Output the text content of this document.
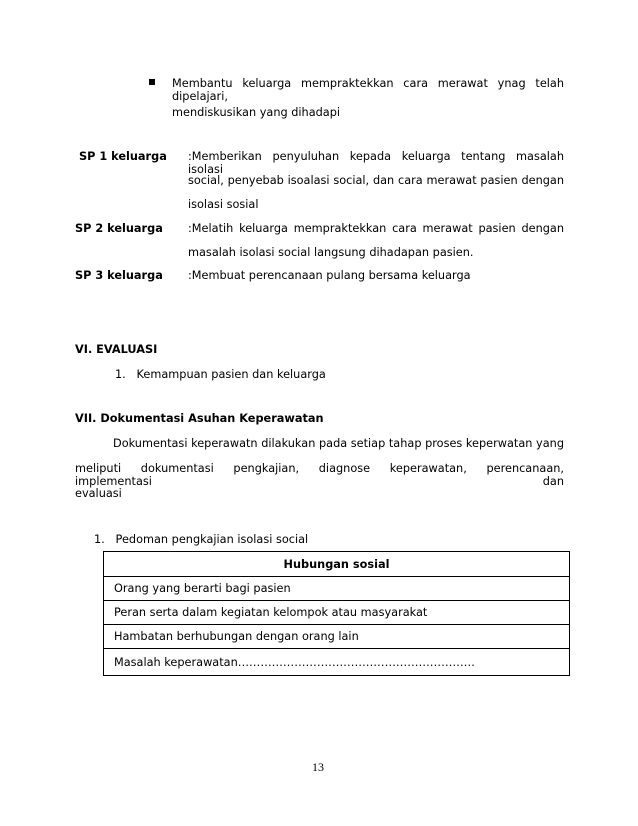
Membantu keluarga mempraktekkan cara merawat ynag telah dipelajari,
mendiskusikan yang dihadapi
SP 1 keluarga :Memberikan penyuluhan kepada keluarga tentang masalah isolasi
social, penyebab isoalasi social, dan cara merawat pasien dengan
isolasi sosial
SP 2 keluarga :Melatih keluarga mempraktekkan cara merawat pasien dengan
masalah isolasi social langsung dihadapan pasien.
SP 3 keluarga :Membuat perencanaan pulang bersama keluarga
VI. EVALUASI
1.   Kemampuan pasien dan keluarga
VII. Dokumentasi Asuhan Keperawatan
Dokumentasi keperawatn dilakukan pada setiap tahap proses keperwatan yang
meliputi dokumentasi pengkajian, diagnose keperawatan, perencanaan, implementasi dan
evaluasi
1.   Pedoman pengkajian isolasi social
Hubungan sosial
Orang yang berarti bagi pasien
Peran serta dalam kegiatan kelompok atau masyarakat
Hambatan berhubungan dengan orang lain
Masalah keperawatan………………………………………………………
13
